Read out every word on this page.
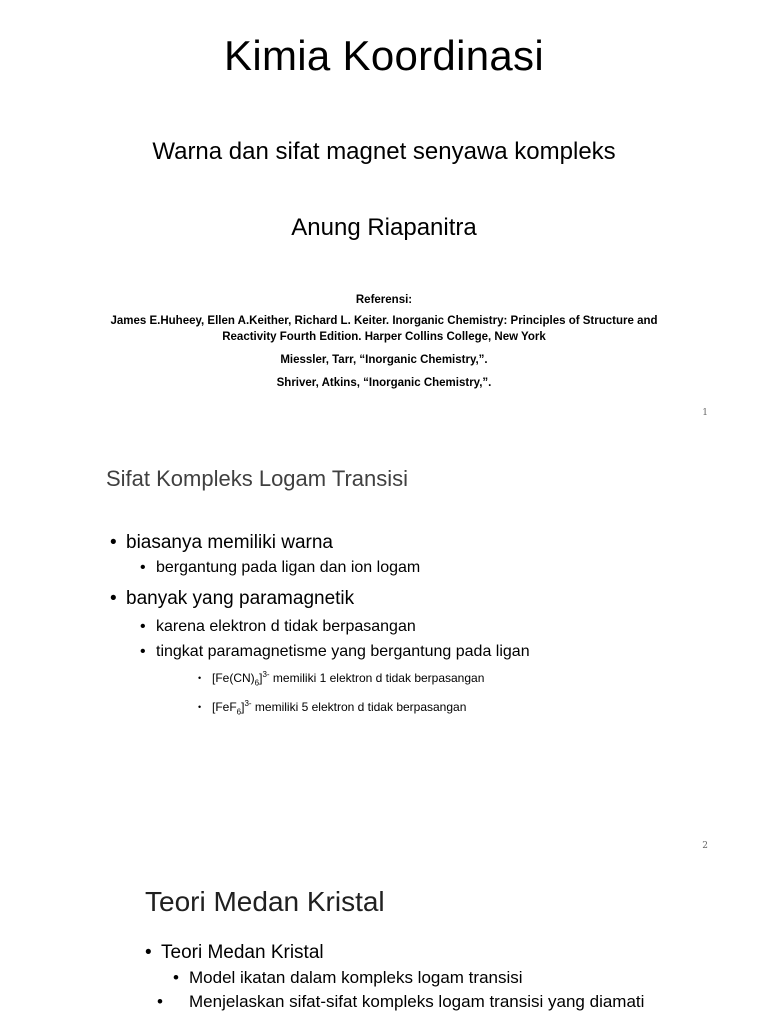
Kimia Koordinasi
Warna dan sifat magnet senyawa kompleks
Anung Riapanitra

Referensi:

James E.Huheey, Ellen A.Keither, Richard L. Keiter. Inorganic Chemistry: Principles of Structure and Reactivity Fourth Edition. Harper Collins College, New York

Miessler, Tarr, “Inorganic Chemistry,”.

Shriver, Atkins, “Inorganic Chemistry,”.

1
Sifat Kompleks Logam Transisi

• biasanya memiliki warna

• bergantung pada ligan dan ion logam

• banyak yang paramagnetik

• karena elektron d tidak berpasangan

• tingkat paramagnetisme yang bergantung pada ligan

• $[Fe(CN)_6]^{3-}$ memiliki 1 elektron d tidak berpasangan

• $[FeF_6]^{3-}$ memiliki 5 elektron d tidak berpasangan

2
Teori Medan Kristal

• Teori Medan Kristal

• Model ikatan dalam kompleks logam transisi

• Menjelaskan sifat-sifat kompleks logam transisi yang diamati
